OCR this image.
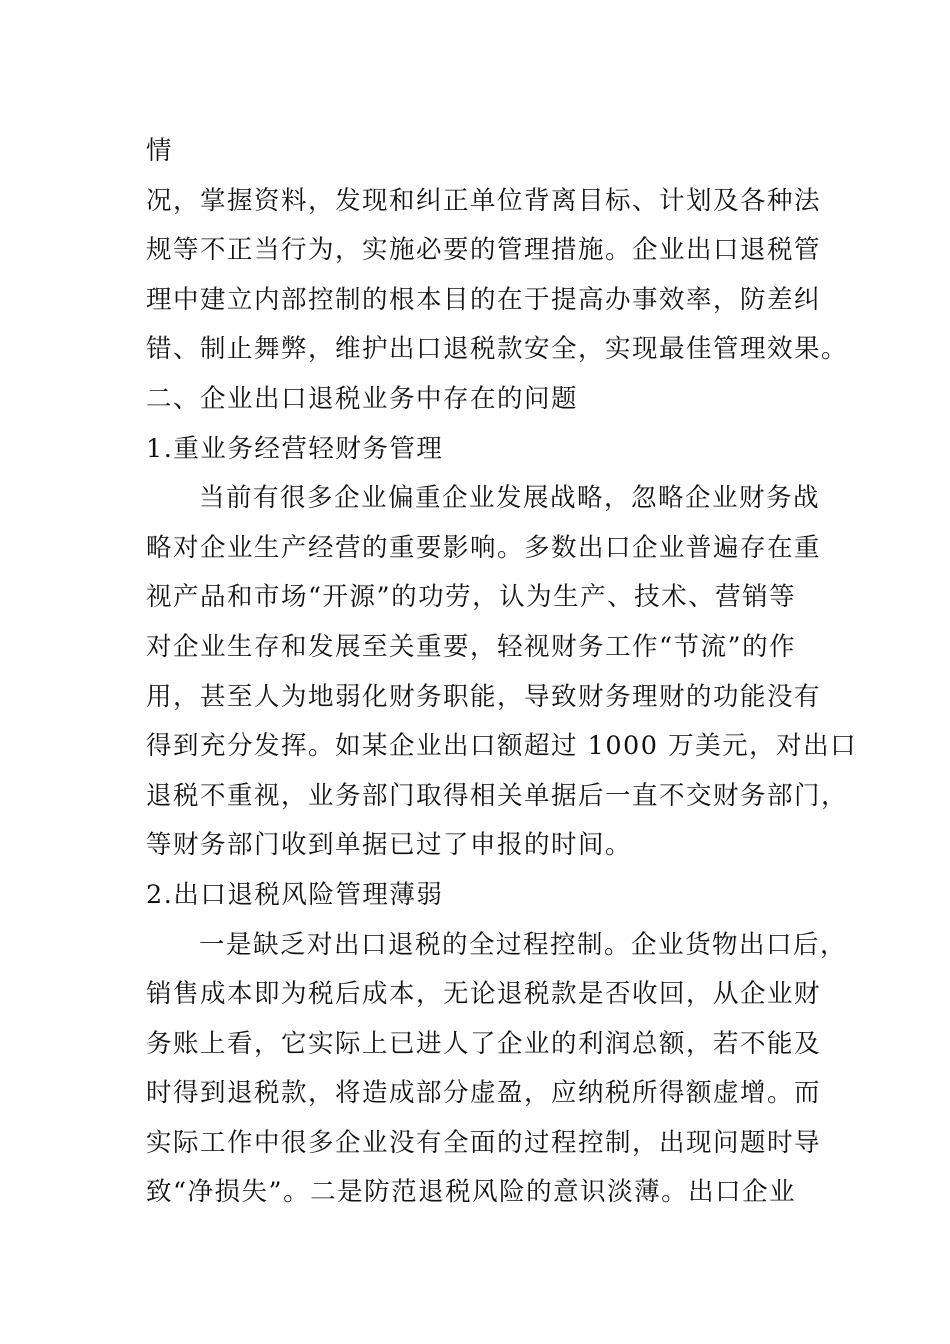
情
况，掌握资料，发现和纠正单位背离目标、计划及各种法
规等不正当行为，实施必要的管理措施。企业出口退税管
理中建立内部控制的根本目的在于提高办事效率，防差纠
错、制止舞弊，维护出口退税款安全，实现最佳管理效果。
二、企业出口退税业务中存在的问题
1.重业务经营轻财务管理
当前有很多企业偏重企业发展战略，忽略企业财务战
略对企业生产经营的重要影响。多数出口企业普遍存在重
视产品和市场“开源”的功劳，认为生产、技术、营销等
对企业生存和发展至关重要，轻视财务工作“节流”的作
用，甚至人为地弱化财务职能，导致财务理财的功能没有
得到充分发挥。如某企业出口额超过 1000 万美元，对出口
退税不重视，业务部门取得相关单据后一直不交财务部门，
等财务部门收到单据已过了申报的时间。
2.出口退税风险管理薄弱
一是缺乏对出口退税的全过程控制。企业货物出口后，
销售成本即为税后成本，无论退税款是否收回，从企业财
务账上看，它实际上已进人了企业的利润总额，若不能及
时得到退税款，将造成部分虚盈，应纳税所得额虚增。而
实际工作中很多企业没有全面的过程控制，出现问题时导
致“净损失”。二是防范退税风险的意识淡薄。出口企业
